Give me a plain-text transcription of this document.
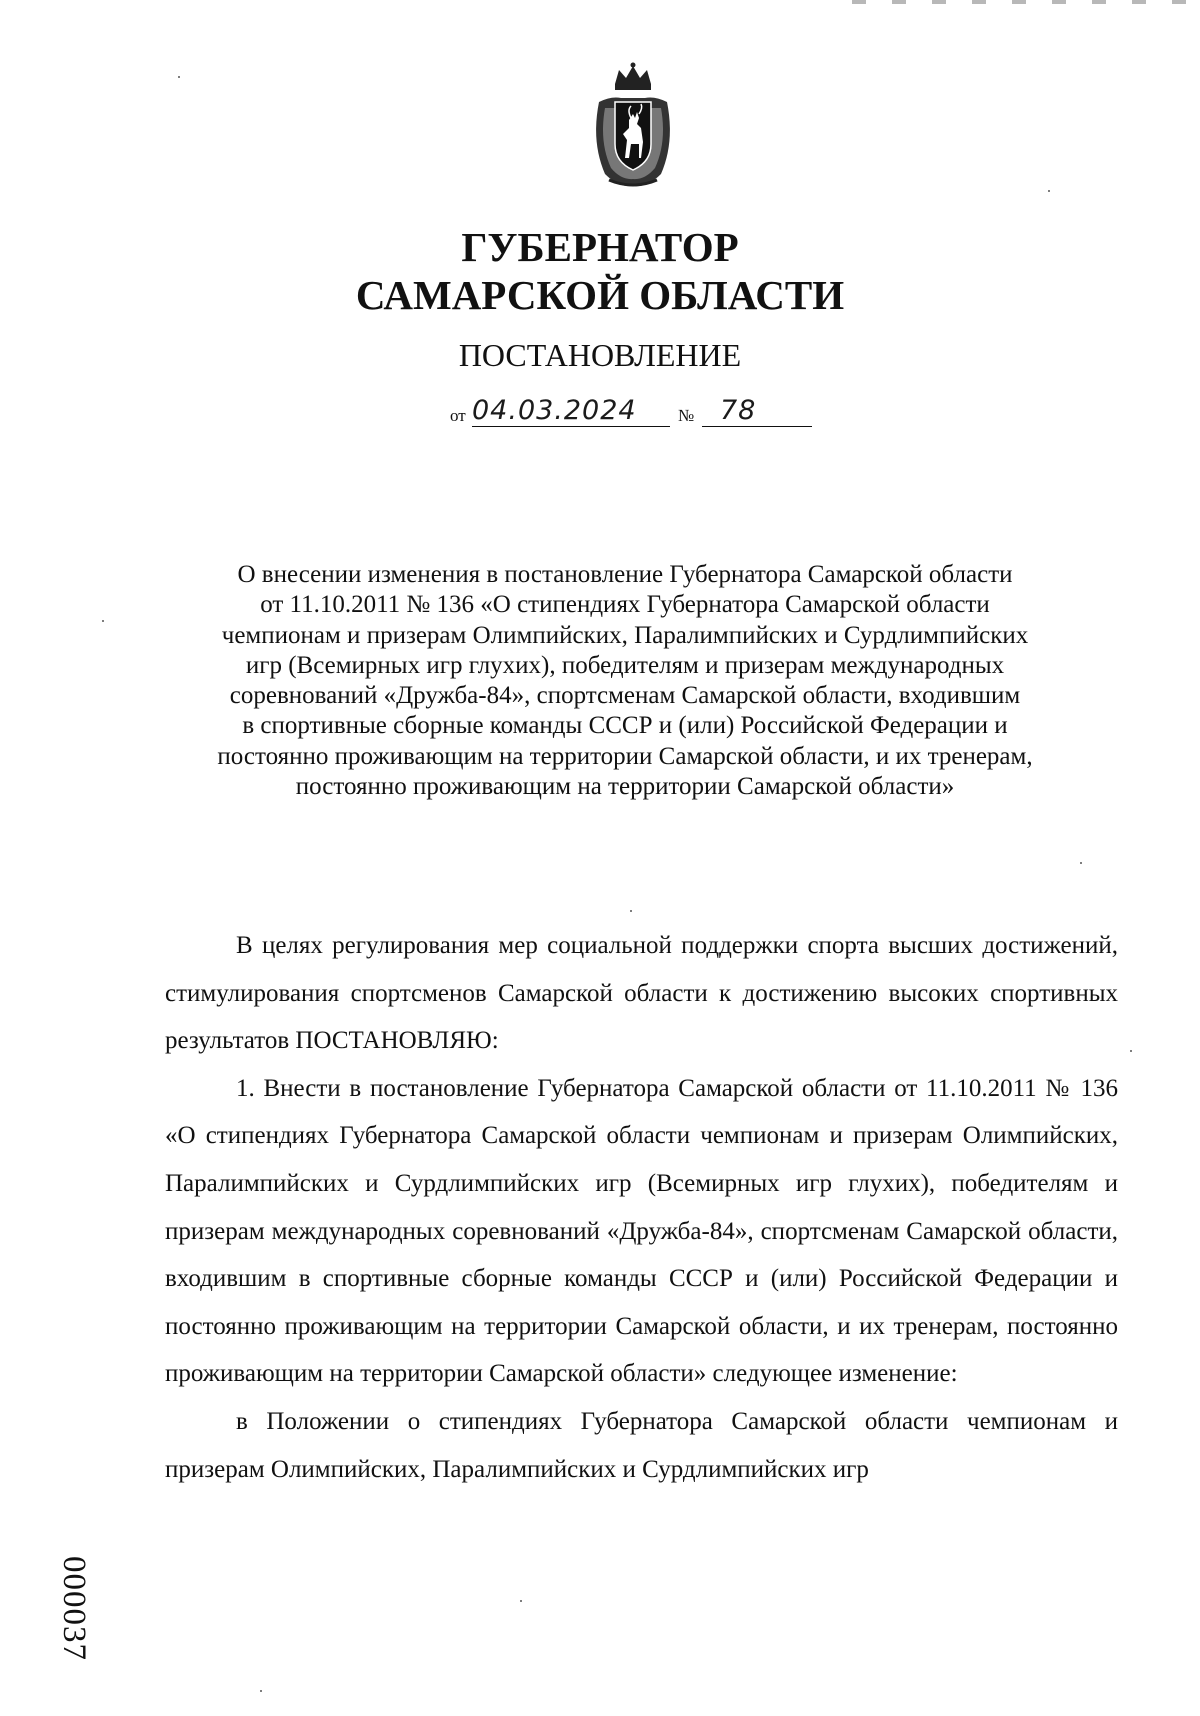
ГУБЕРНАТОР
САМАРСКОЙ ОБЛАСТИ
ПОСТАНОВЛЕНИЕ
от 04.03.2024	№ 78
О внесении изменения в постановление Губернатора Самарской области
от 11.10.2011 № 136 «О стипендиях Губернатора Самарской области
чемпионам и призерам Олимпийских, Паралимпийских и Сурдлимпийских
игр (Всемирных игр глухих), победителям и призерам международных
соревнований «Дружба-84», спортсменам Самарской области, входившим
в спортивные сборные команды СССР и (или) Российской Федерации и
постоянно проживающим на территории Самарской области, и их тренерам,
постоянно проживающим на территории Самарской области»

В целях регулирования мер социальной поддержки спорта высших достижений, стимулирования спортсменов Самарской области к достижению высоких спортивных результатов ПОСТАНОВЛЯЮ:

1. Внести в постановление Губернатора Самарской области от 11.10.2011 № 136 «О стипендиях Губернатора Самарской области чемпионам и призерам Олимпийских, Паралимпийских и Сурдлимпийских игр (Всемирных игр глухих), победителям и призерам международных соревнований «Дружба-84», спортсменам Самарской области, входившим в спортивные сборные команды СССР и (или) Российской Федерации и постоянно проживающим на территории Самарской области, и их тренерам, постоянно проживающим на территории Самарской области» следующее изменение:

в Положении о стипендиях Губернатора Самарской области чемпионам и призерам Олимпийских, Паралимпийских и Сурдлимпийских игр

000037
